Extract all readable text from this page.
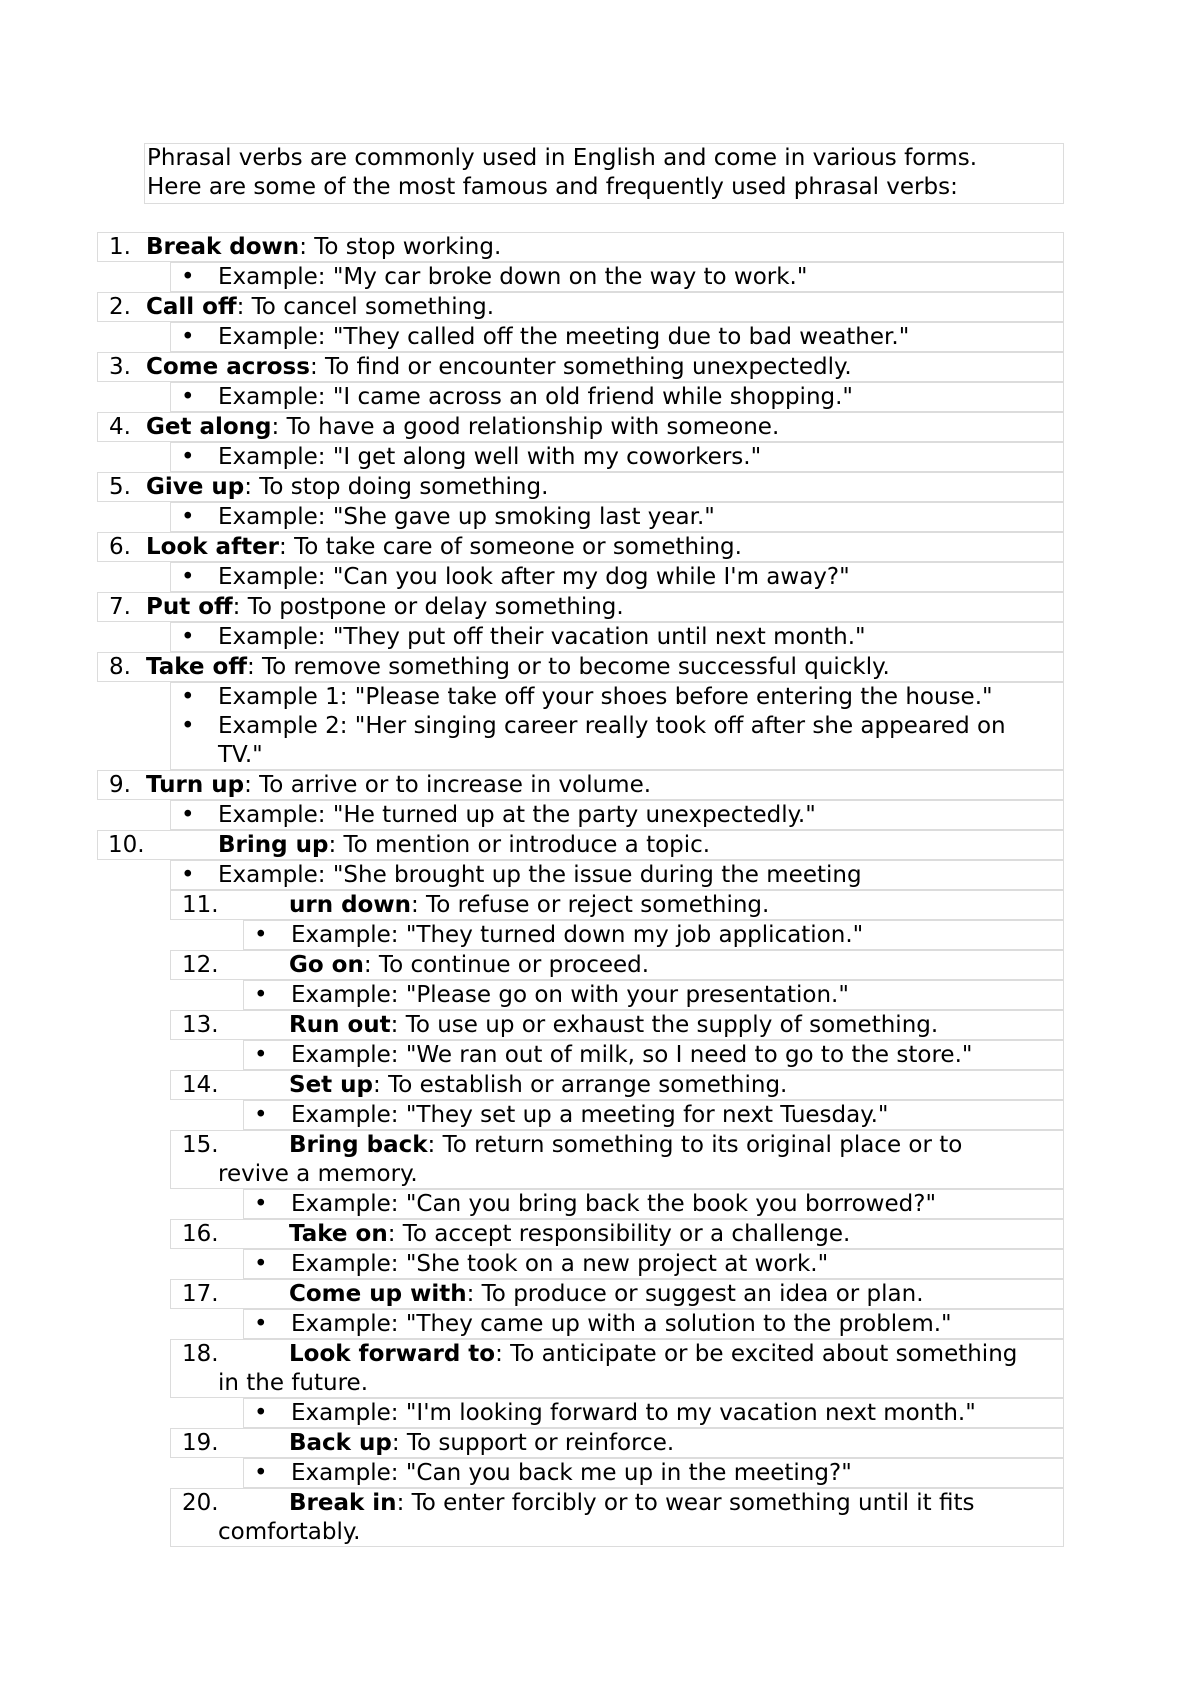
Phrasal verbs are commonly used in English and come in various forms.

Here are some of the most famous and frequently used phrasal verbs:

1. Break down: To stop working.
• Example: "My car broke down on the way to work."
2. Call off: To cancel something.
• Example: "They called off the meeting due to bad weather."
3. Come across: To find or encounter something unexpectedly.
• Example: "I came across an old friend while shopping."
4. Get along: To have a good relationship with someone.
• Example: "I get along well with my coworkers."
5. Give up: To stop doing something.
• Example: "She gave up smoking last year."
6. Look after: To take care of someone or something.
• Example: "Can you look after my dog while I'm away?"
7. Put off: To postpone or delay something.
• Example: "They put off their vacation until next month."
8. Take off: To remove something or to become successful quickly.
• Example 1: "Please take off your shoes before entering the house."
• Example 2: "Her singing career really took off after she appeared on
TV."
9. Turn up: To arrive or to increase in volume.
• Example: "He turned up at the party unexpectedly."
10.	Bring up: To mention or introduce a topic.
• Example: "She brought up the issue during the meeting
11.	urn down: To refuse or reject something.
• Example: "They turned down my job application."
12.	Go on: To continue or proceed.
• Example: "Please go on with your presentation."
13.	Run out: To use up or exhaust the supply of something.
• Example: "We ran out of milk, so I need to go to the store."
14.	Set up: To establish or arrange something.
• Example: "They set up a meeting for next Tuesday."
15.	Bring back: To return something to its original place or to
revive a memory.
• Example: "Can you bring back the book you borrowed?"
16.	Take on: To accept responsibility or a challenge.
• Example: "She took on a new project at work."
17.	Come up with: To produce or suggest an idea or plan.
• Example: "They came up with a solution to the problem."
18.	Look forward to: To anticipate or be excited about something
in the future.
• Example: "I'm looking forward to my vacation next month."
19.	Back up: To support or reinforce.
• Example: "Can you back me up in the meeting?"
20.	Break in: To enter forcibly or to wear something until it fits
comfortably.
